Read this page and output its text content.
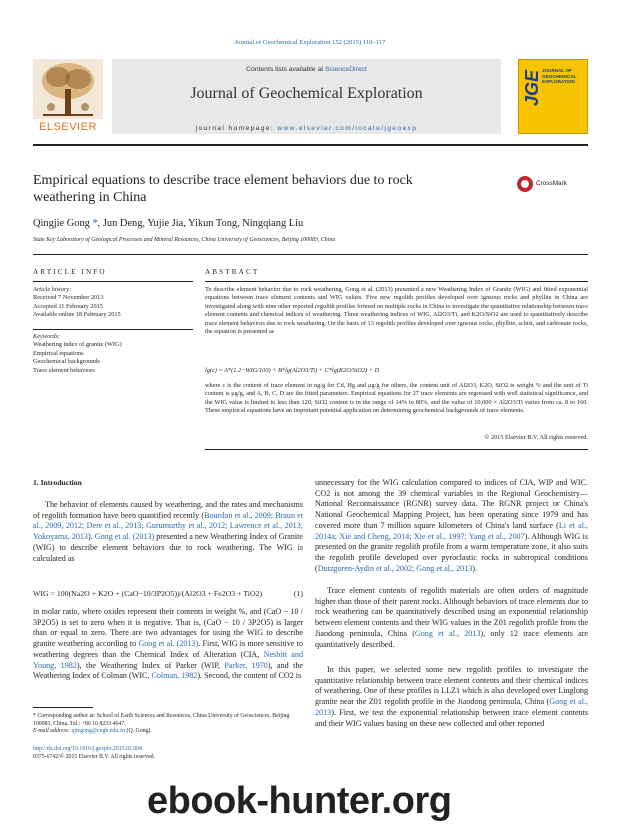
Journal of Geochemical Exploration 152 (2015) 110–117
Contents lists available at ScienceDirect
Journal of Geochemical Exploration
journal homepage: www.elsevier.com/locate/jgeoexp
ELSEVIER
JGE JOURNAL OF GEOCHEMICAL EXPLORATION
Empirical equations to describe trace element behaviors due to rock weathering in China
CrossMark
Qingjie Gong *, Jun Deng, Yujie Jia, Yikun Tong, Ningqiang Liu
State Key Laboratory of Geological Processes and Mineral Resources, China University of Geosciences, Beijing 100083, China
ARTICLE INFO	ABSTRACT
Article history:
Received 7 November 2013
Accepted 11 February 2015
Available online 18 February 2015
Keywords:
Weathering index of granite (WIG)
Empirical equations
Geochemical backgrounds
Trace element behaviors
To describe element behavior due to rock weathering, Gong et al. (2013) presented a new Weathering Index of Granite (WIG) and fitted exponential equations between trace element contents and WIG values. Five new regolith profiles developed over igneous rocks and phyllite in China are investigated along with nine other reported regolith profiles formed on multiple rocks in China to investigate the quantitative relationship between trace element contents and chemical indices of weathering. Three weathering indices of WIG, Al2O3/Ti, and K2O/SiO2 are used to quantitatively describe trace element behaviors due to rock weathering. On the basis of 13 regolith profiles developed over igneous rocks, phyllite, schist, and carbonate rocks, the equation is presented as
lg(c) = A*(1.2−WIG/100) + B*lg(Al2O3/Ti) + C*lg(K2O/SiO2) + D
where c is the content of trace element in ng/g for Cd, Hg and μg/g for others, the content unit of Al2O3, K2O, SiO2 is weight % and the unit of Ti content is μg/g, and A, B, C, D are the fitted parameters. Empirical equations for 27 trace elements are regressed with well statistical significance, and the WIG value is limited to less than 120, SiO2 content is in the range of 14% to 80%, and the value of 10,000 × Al2O3/Ti varies from ca. 8 to 160. These empirical equations have an important potential application on determining geochemical backgrounds of trace elements.
© 2015 Elsevier B.V. All rights reserved.
1. Introduction
The behavior of elements caused by weathering, and the rates and mechanisms of regolith formation have been quantified recently (Bourdon et al., 2009; Braun et al., 2009, 2012; Dere et al., 2013; Gurumurthy et al., 2012; Lawrence et al., 2013; Yokoyama, 2013). Gong et al. (2013) presented a new Weathering Index of Granite (WIG) to describe element behaviors due to rock weathering. The WIG is calculated as
WIG = 100(Na2O + K2O + (CaO−10/3P2O5))/(Al2O3 + Fe2O3 + TiO2)	(1)
in molar ratio, where oxides represent their contents in weight %, and (CaO − 10 / 3P2O5) is set to zero when it is negative. That is, (CaO − 10 / 3P2O5) is larger than or equal to zero. There are two advantages for using the WIG to describe granite weathering according to Gong et al. (2013). First, WIG is more sensitive to weathering degrees than the Chemical Index of Alteration (CIA, Nesbitt and Young, 1982), the Weathering Index of Parker (WIP, Parker, 1970), and the Weathering Index of Colman (WIC, Colman, 1982). Second, the content of CO2 is
unnecessary for the WIG calculation compared to indices of CIA, WIP and WIC. CO2 is not among the 39 chemical variables in the Regional Geochemistry—National Reconnaissance (RGNR) survey data. The RGNR project or China's National Geochemical Mapping Project, has been operating since 1979 and has covered more than 7 million square kilometers of China's land surface (Li et al., 2014a; Xie and Cheng, 2014; Xie et al., 1997; Yang et al., 2007). Although WIG is presented on the granite regolith profile from a warm temperature zone, it also suits the regolith profile developed over pyroclastic rocks in subtropical conditions (Dutzgoren-Aydin et al., 2002; Gong et al., 2013).
Trace element contents of regolith materials are often orders of magnitude higher than those of their parent rocks. Although behaviors of trace elements due to rock weathering can be quantitatively described using an exponential relationship between element contents and their WIG values in the Z01 regolith profile from the Jiaodong peninsula, China (Gong et al., 2013), only 12 trace elements are quantitatively described.
In this paper, we selected some new regolith profiles to investigate the quantitative relationship between trace element contents and their chemical indices of weathering. One of these profiles is LLZ1 which is also developed over Linglong granite near the Z01 regolith profile in the Jiaodong peninsula, China (Gong et al., 2013). First, we test the exponential relationship between trace element contents and their WIG values basing on these new collected and other reported
* Corresponding author at: School of Earth Sciences and Resources, China University of Geosciences, Beijing 100083, China. Tel.: +86 10 8233 4647.
E-mail address: qjiegong@cugb.edu.cn (Q. Gong).
http://dx.doi.org/10.1016/j.gexplo.2015.02.004
0375-6742/© 2015 Elsevier B.V. All rights reserved.
ebook-hunter.org
